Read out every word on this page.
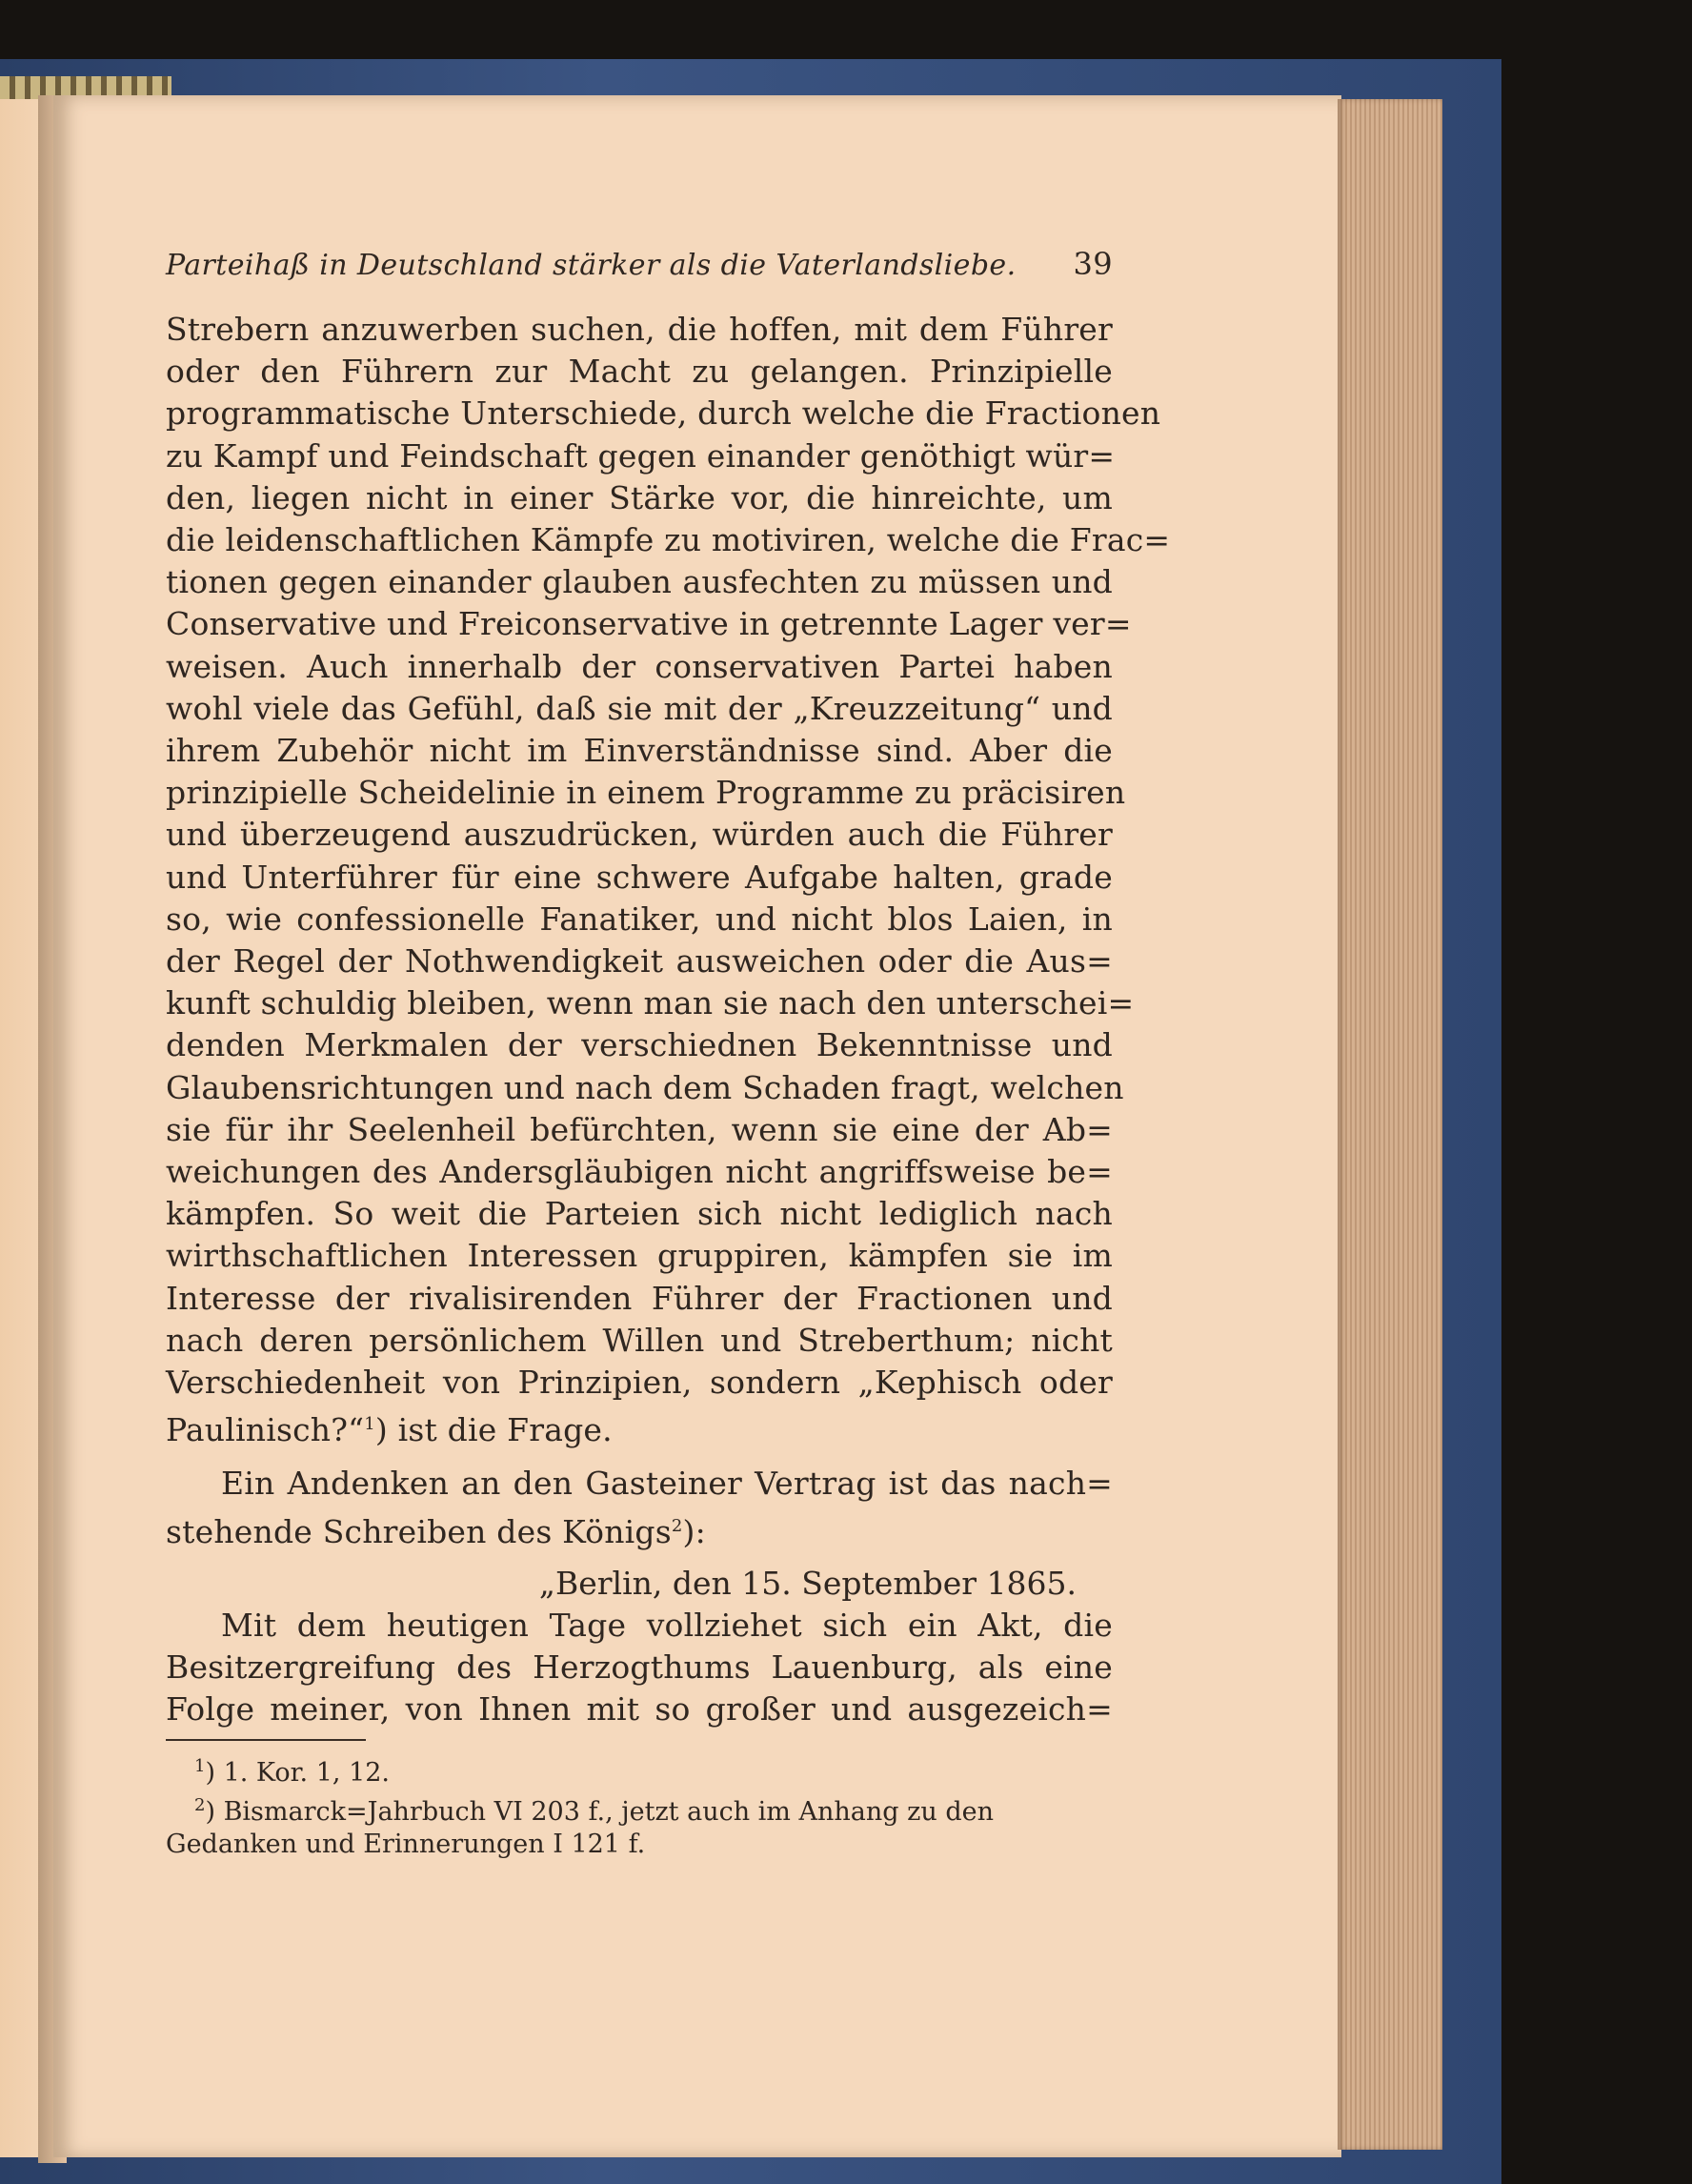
Parteihaß in Deutschland stärker als die Vaterlandsliebe. 39

Strebern anzuwerben suchen, die hoffen, mit dem Führer
oder den Führern zur Macht zu gelangen. Prinzipielle
programmatische Unterschiede, durch welche die Fractionen
zu Kampf und Feindschaft gegen einander genöthigt wür=
den, liegen nicht in einer Stärke vor, die hinreichte, um
die leidenschaftlichen Kämpfe zu motiviren, welche die Frac=
tionen gegen einander glauben ausfechten zu müssen und
Conservative und Freiconservative in getrennte Lager ver=
weisen. Auch innerhalb der conservativen Partei haben
wohl viele das Gefühl, daß sie mit der „Kreuzzeitung“ und
ihrem Zubehör nicht im Einverständnisse sind. Aber die
prinzipielle Scheidelinie in einem Programme zu präcisiren
und überzeugend auszudrücken, würden auch die Führer
und Unterführer für eine schwere Aufgabe halten, grade
so, wie confessionelle Fanatiker, und nicht blos Laien, in
der Regel der Nothwendigkeit ausweichen oder die Aus=
kunft schuldig bleiben, wenn man sie nach den unterschei=
denden Merkmalen der verschiednen Bekenntnisse und
Glaubensrichtungen und nach dem Schaden fragt, welchen
sie für ihr Seelenheil befürchten, wenn sie eine der Ab=
weichungen des Andersgläubigen nicht angriffsweise be=
kämpfen. So weit die Parteien sich nicht lediglich nach
wirthschaftlichen Interessen gruppiren, kämpfen sie im
Interesse der rivalisirenden Führer der Fractionen und
nach deren persönlichem Willen und Streberthum; nicht
Verschiedenheit von Prinzipien, sondern „Kephisch oder
Paulinisch?“$^1$) ist die Frage.

Ein Andenken an den Gasteiner Vertrag ist das nach=
stehende Schreiben des Königs$^2$):

„Berlin, den 15. September 1865.

Mit dem heutigen Tage vollziehet sich ein Akt, die
Besitzergreifung des Herzogthums Lauenburg, als eine
Folge meiner, von Ihnen mit so großer und ausgezeich=

$^1$) 1. Kor. 1, 12.
$^2$) Bismarck=Jahrbuch VI 203 f., jetzt auch im Anhang zu den
Gedanken und Erinnerungen I 121 f.
